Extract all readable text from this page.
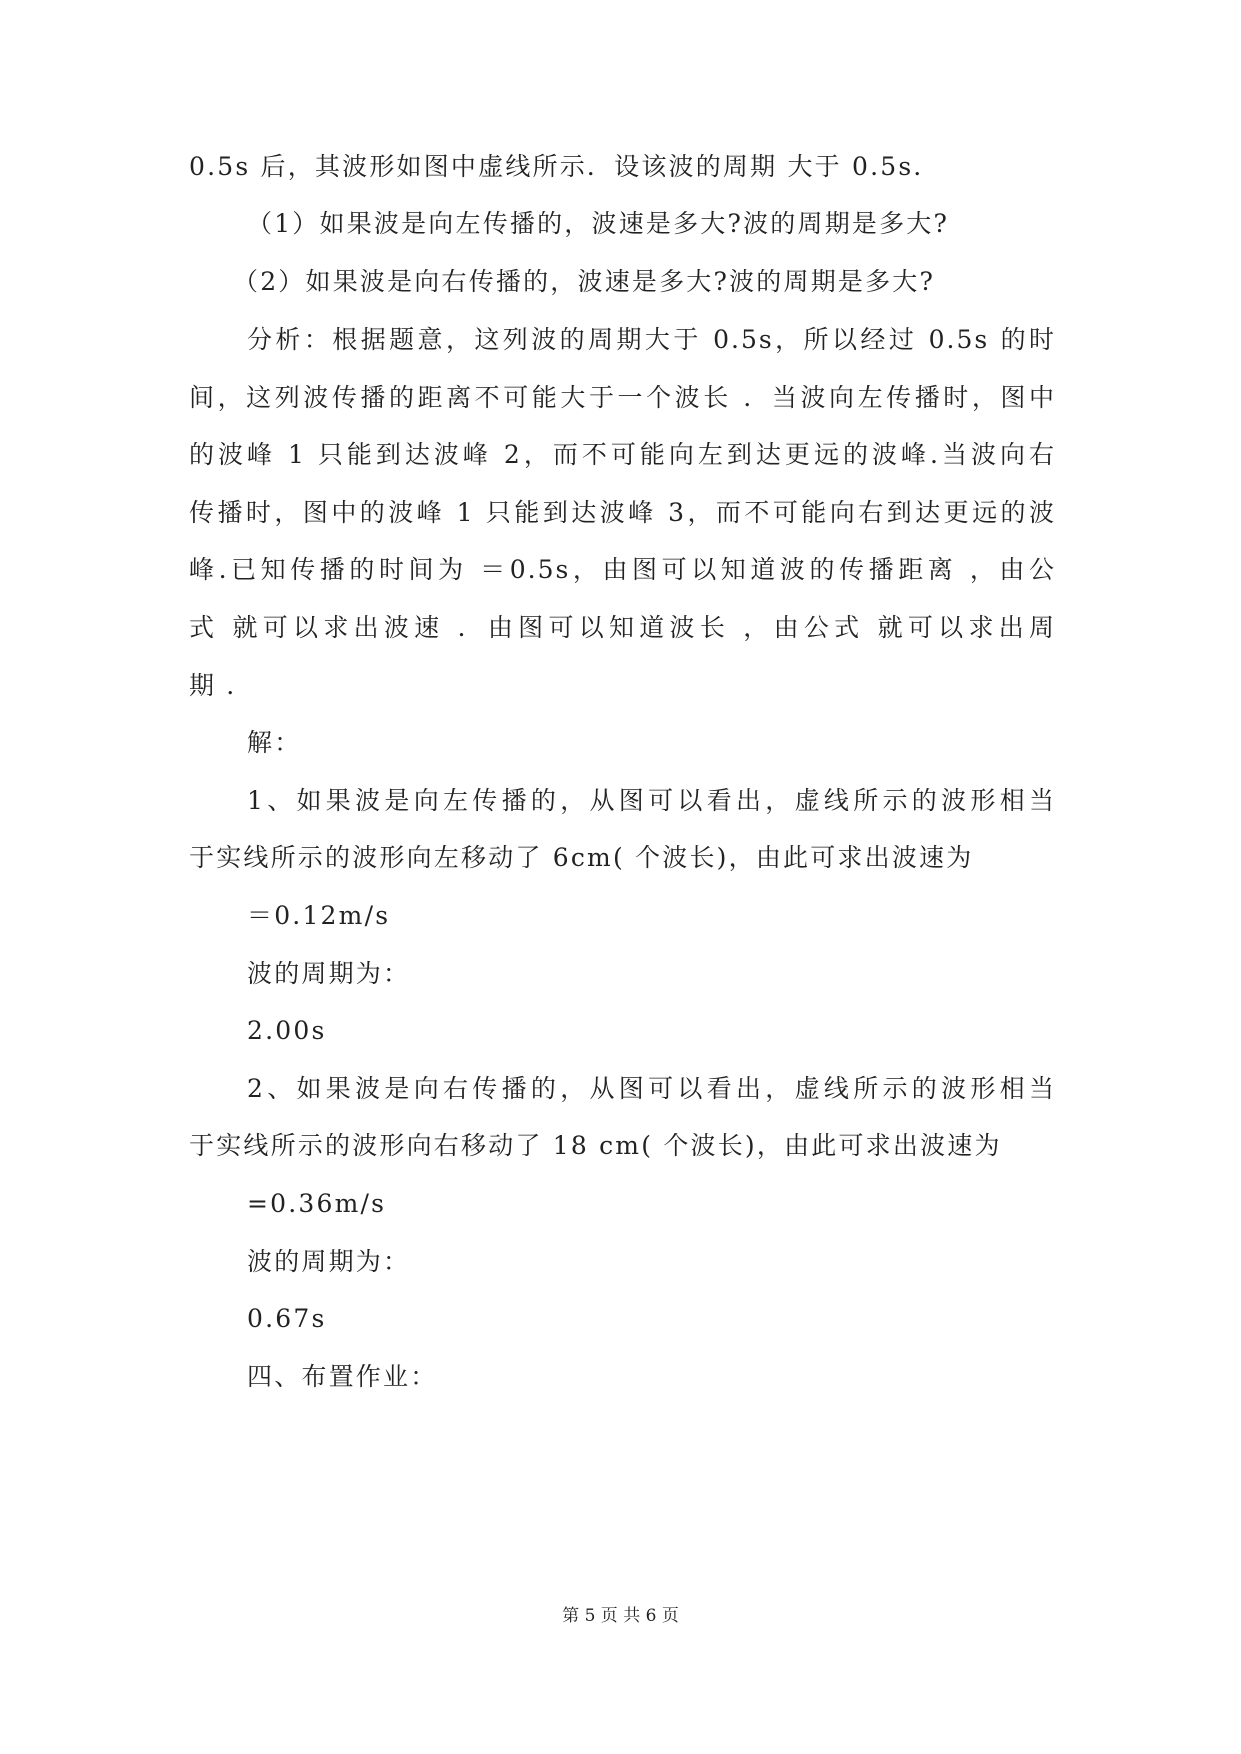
0.5s 后，其波形如图中虚线所示．设该波的周期 大于 0.5s．
（1）如果波是向左传播的，波速是多大?波的周期是多大?
（2）如果波是向右传播的，波速是多大?波的周期是多大?
分析：根据题意，这列波的周期大于 0.5s，所以经过 0.5s 的时
间，这列波传播的距离不可能大于一个波长 ．当波向左传播时，图中
的波峰 1 只能到达波峰 2，而不可能向左到达更远的波峰.当波向右
传播时，图中的波峰 1 只能到达波峰 3，而不可能向右到达更远的波
峰.已知传播的时间为 ＝0.5s，由图可以知道波的传播距离 ，由公
式 就可以求出波速 ．由图可以知道波长 ，由公式 就可以求出周
期 ．
解：
1、如果波是向左传播的，从图可以看出，虚线所示的波形相当
于实线所示的波形向左移动了 6cm( 个波长)，由此可求出波速为
＝0.12m/s
波的周期为：
2.00s
2、如果波是向右传播的，从图可以看出，虚线所示的波形相当
于实线所示的波形向右移动了 18 cm( 个波长)，由此可求出波速为
=0.36m/s
波的周期为：
0.67s
四、布置作业：
第 5 页 共 6 页
